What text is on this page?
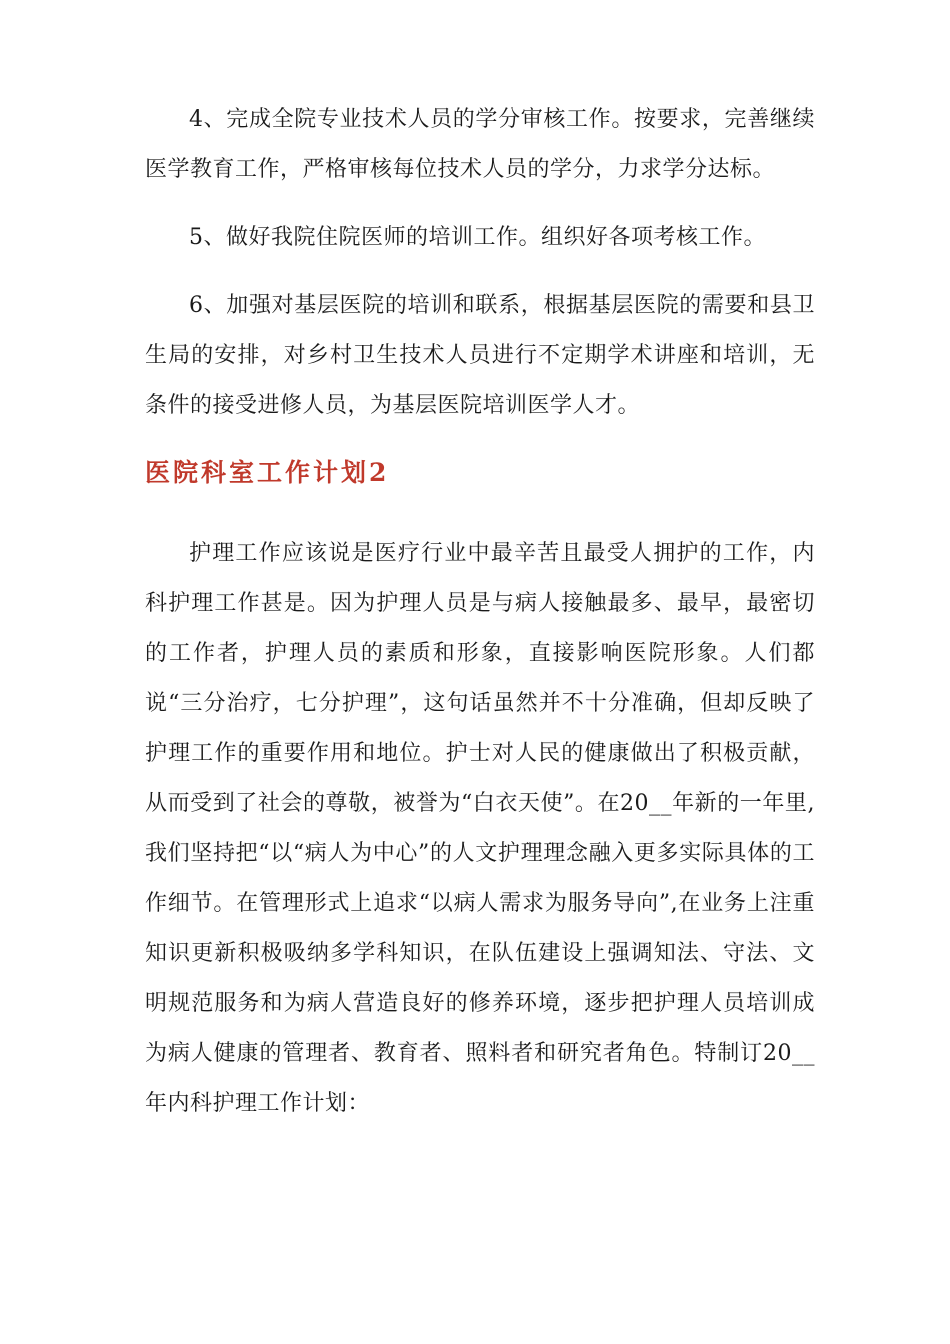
4、完成全院专业技术人员的学分审核工作。按要求，完善继续医学教育工作，严格审核每位技术人员的学分，力求学分达标。

5、做好我院住院医师的培训工作。组织好各项考核工作。

6、加强对基层医院的培训和联系，根据基层医院的需要和县卫生局的安排，对乡村卫生技术人员进行不定期学术讲座和培训，无条件的接受进修人员，为基层医院培训医学人才。

医院科室工作计划2

护理工作应该说是医疗行业中最辛苦且最受人拥护的工作，内科护理工作甚是。因为护理人员是与病人接触最多、最早，最密切的工作者，护理人员的素质和形象，直接影响医院形象。人们都说“三分治疗，七分护理”，这句话虽然并不十分准确，但却反映了护理工作的重要作用和地位。护士对人民的健康做出了积极贡献，从而受到了社会的尊敬，被誉为“白衣天使”。在20__年新的一年里,我们坚持把“以“病人为中心”的人文护理理念融入更多实际具体的工作细节。在管理形式上追求“以病人需求为服务导向”,在业务上注重知识更新积极吸纳多学科知识，在队伍建设上强调知法、守法、文明规范服务和为病人营造良好的修养环境，逐步把护理人员培训成为病人健康的管理者、教育者、照料者和研究者角色。特制订20__年内科护理工作计划：
